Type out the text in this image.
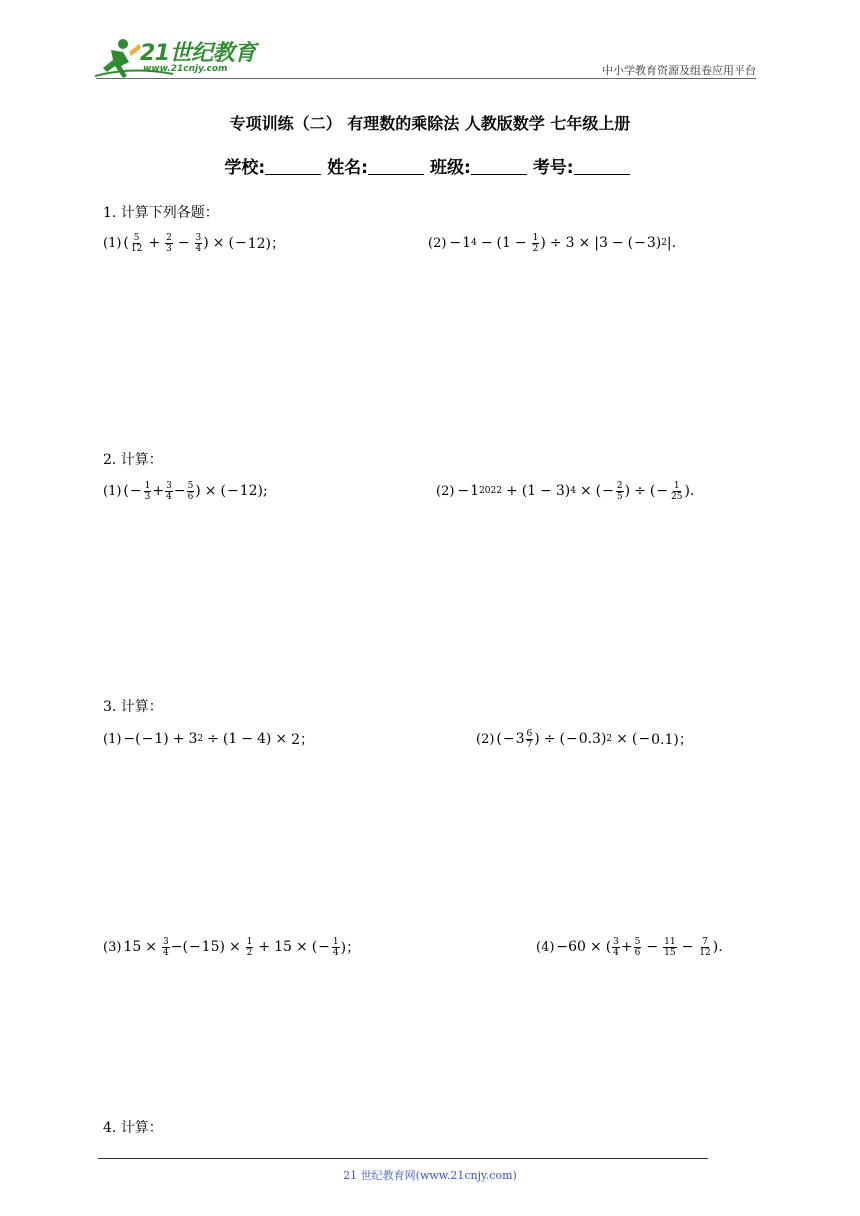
21世纪教育
www.21cnjy.com	中小学教育资源及组卷应用平台
专项训练（二） 有理数的乘除法 人教版数学 七年级上册
学校:	姓名:	班级:	考号:
1. 计算下列各题：
(1) ( $\frac{5}{12} + \frac{2}{3} - \frac{3}{4}$ ) × ( − 12)；	(2) − 1 $4 - (1 - \frac{1}{2}$ ) ÷ 3 × |3 − ( − 3) 2 |.
2. 计算：
(1) ( − $\frac{1}{3} + \frac{3}{4} - \frac{5}{6}$ ) × ( − 12);	(2) − 1 2022 + (1 − 3) 4 × ( − $\frac{2}{5}$ ) ÷ ( − $\frac{1}{25}$ ).
3. 计算：
(1) −( − 1) + 3 2 ÷ (1 − 4) × 2；	(2) ( − $3 \frac{6}{7}$ ) ÷ ( − 0.3) 2 × ( − 0.1)；
(3) $15 \times \frac{3}{4}$ −( − $15) \times \frac{1}{2} + 15$ × ( − $\frac{1}{4}$ )；	(4) −60 × ( $\frac{3}{4} + \frac{5}{6} - \frac{11}{15} - \frac{7}{12}$ ).
4. 计算：
21 世纪教育网(www.21cnjy.com)
